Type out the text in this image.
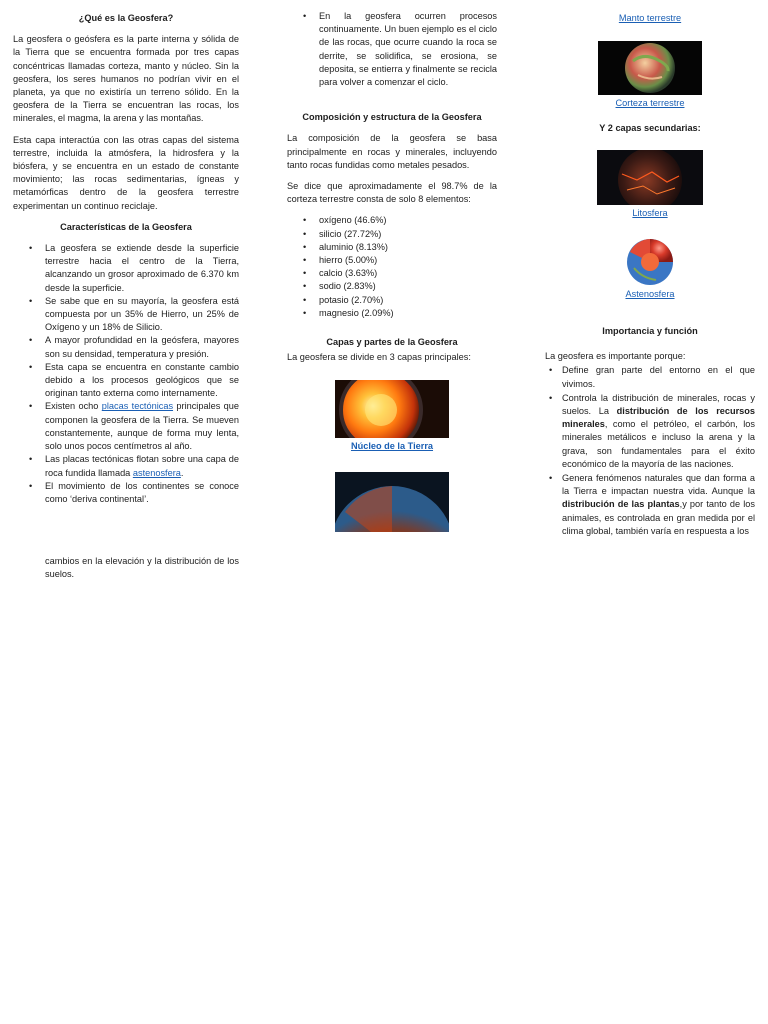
¿Qué es la Geosfera?

La geosfera o geósfera es la parte interna y sólida de la Tierra que se encuentra formada por tres capas concéntricas llamadas corteza, manto y núcleo. Sin la geosfera, los seres humanos no podrían vivir en el planeta, ya que no existiría un terreno sólido. En la geosfera de la Tierra se encuentran las rocas, los minerales, el magma, la arena y las montañas.

Esta capa interactúa con las otras capas del sistema terrestre, incluida la atmósfera, la hidrosfera y la biósfera, y se encuentra en un estado de constante movimiento; las rocas sedimentarias, ígneas y metamórficas dentro de la geosfera terrestre experimentan un continuo reciclaje.

Características de la Geosfera
• La geosfera se extiende desde la superficie terrestre hacia el centro de la Tierra, alcanzando un grosor aproximado de 6.370 km desde la superficie.
• Se sabe que en su mayoría, la geosfera está compuesta por un 35% de Hierro, un 25% de Oxígeno y un 18% de Silicio.
• A mayor profundidad en la geósfera, mayores son su densidad, temperatura y presión.
• Esta capa se encuentra en constante cambio debido a los procesos geológicos que se originan tanto externa como internamente.
• Existen ocho placas tectónicas principales que componen la geosfera de la Tierra. Se mueven constantemente, aunque de forma muy lenta, solo unos pocos centímetros al año.
• Las placas tectónicas flotan sobre una capa de roca fundida llamada astenosfera.
• El movimiento de los continentes se conoce como ‘deriva continental’.
cambios en la elevación y la distribución de los suelos.
• En la geosfera ocurren procesos continuamente. Un buen ejemplo es el ciclo de las rocas, que ocurre cuando la roca se derrite, se solidifica, se erosiona, se deposita, se entierra y finalmente se recicla para volver a comenzar el ciclo.
Composición y estructura de la Geosfera

La composición de la geosfera se basa principalmente en rocas y minerales, incluyendo tanto rocas fundidas como metales pesados.

Se dice que aproximadamente el 98.7% de la corteza terrestre consta de solo 8 elementos:

• oxígeno (46.6%)
• silicio (27.72%)
• aluminio (8.13%)
• hierro (5.00%)
• calcio (3.63%)
• sodio (2.83%)
• potasio (2.70%)
• magnesio (2.09%)
Capas y partes de la Geosfera
La geosfera se divide en 3 capas principales:
Núcleo de la Tierra
Manto terrestre
Corteza terrestre
Y 2 capas secundarias:
Litosfera
Astenosfera
Importancia y función
La geosfera es importante porque:
• Define gran parte del entorno en el que vivimos.
• Controla la distribución de minerales, rocas y suelos. La distribución de los recursos minerales, como el petróleo, el carbón, los minerales metálicos e incluso la arena y la grava, son fundamentales para el éxito económico de la mayoría de las naciones.
• Genera fenómenos naturales que dan forma a la Tierra e impactan nuestra vida. Aunque la distribución de las plantas,y por tanto de los animales, es controlada en gran medida por el clima global, también varía en respuesta a los
